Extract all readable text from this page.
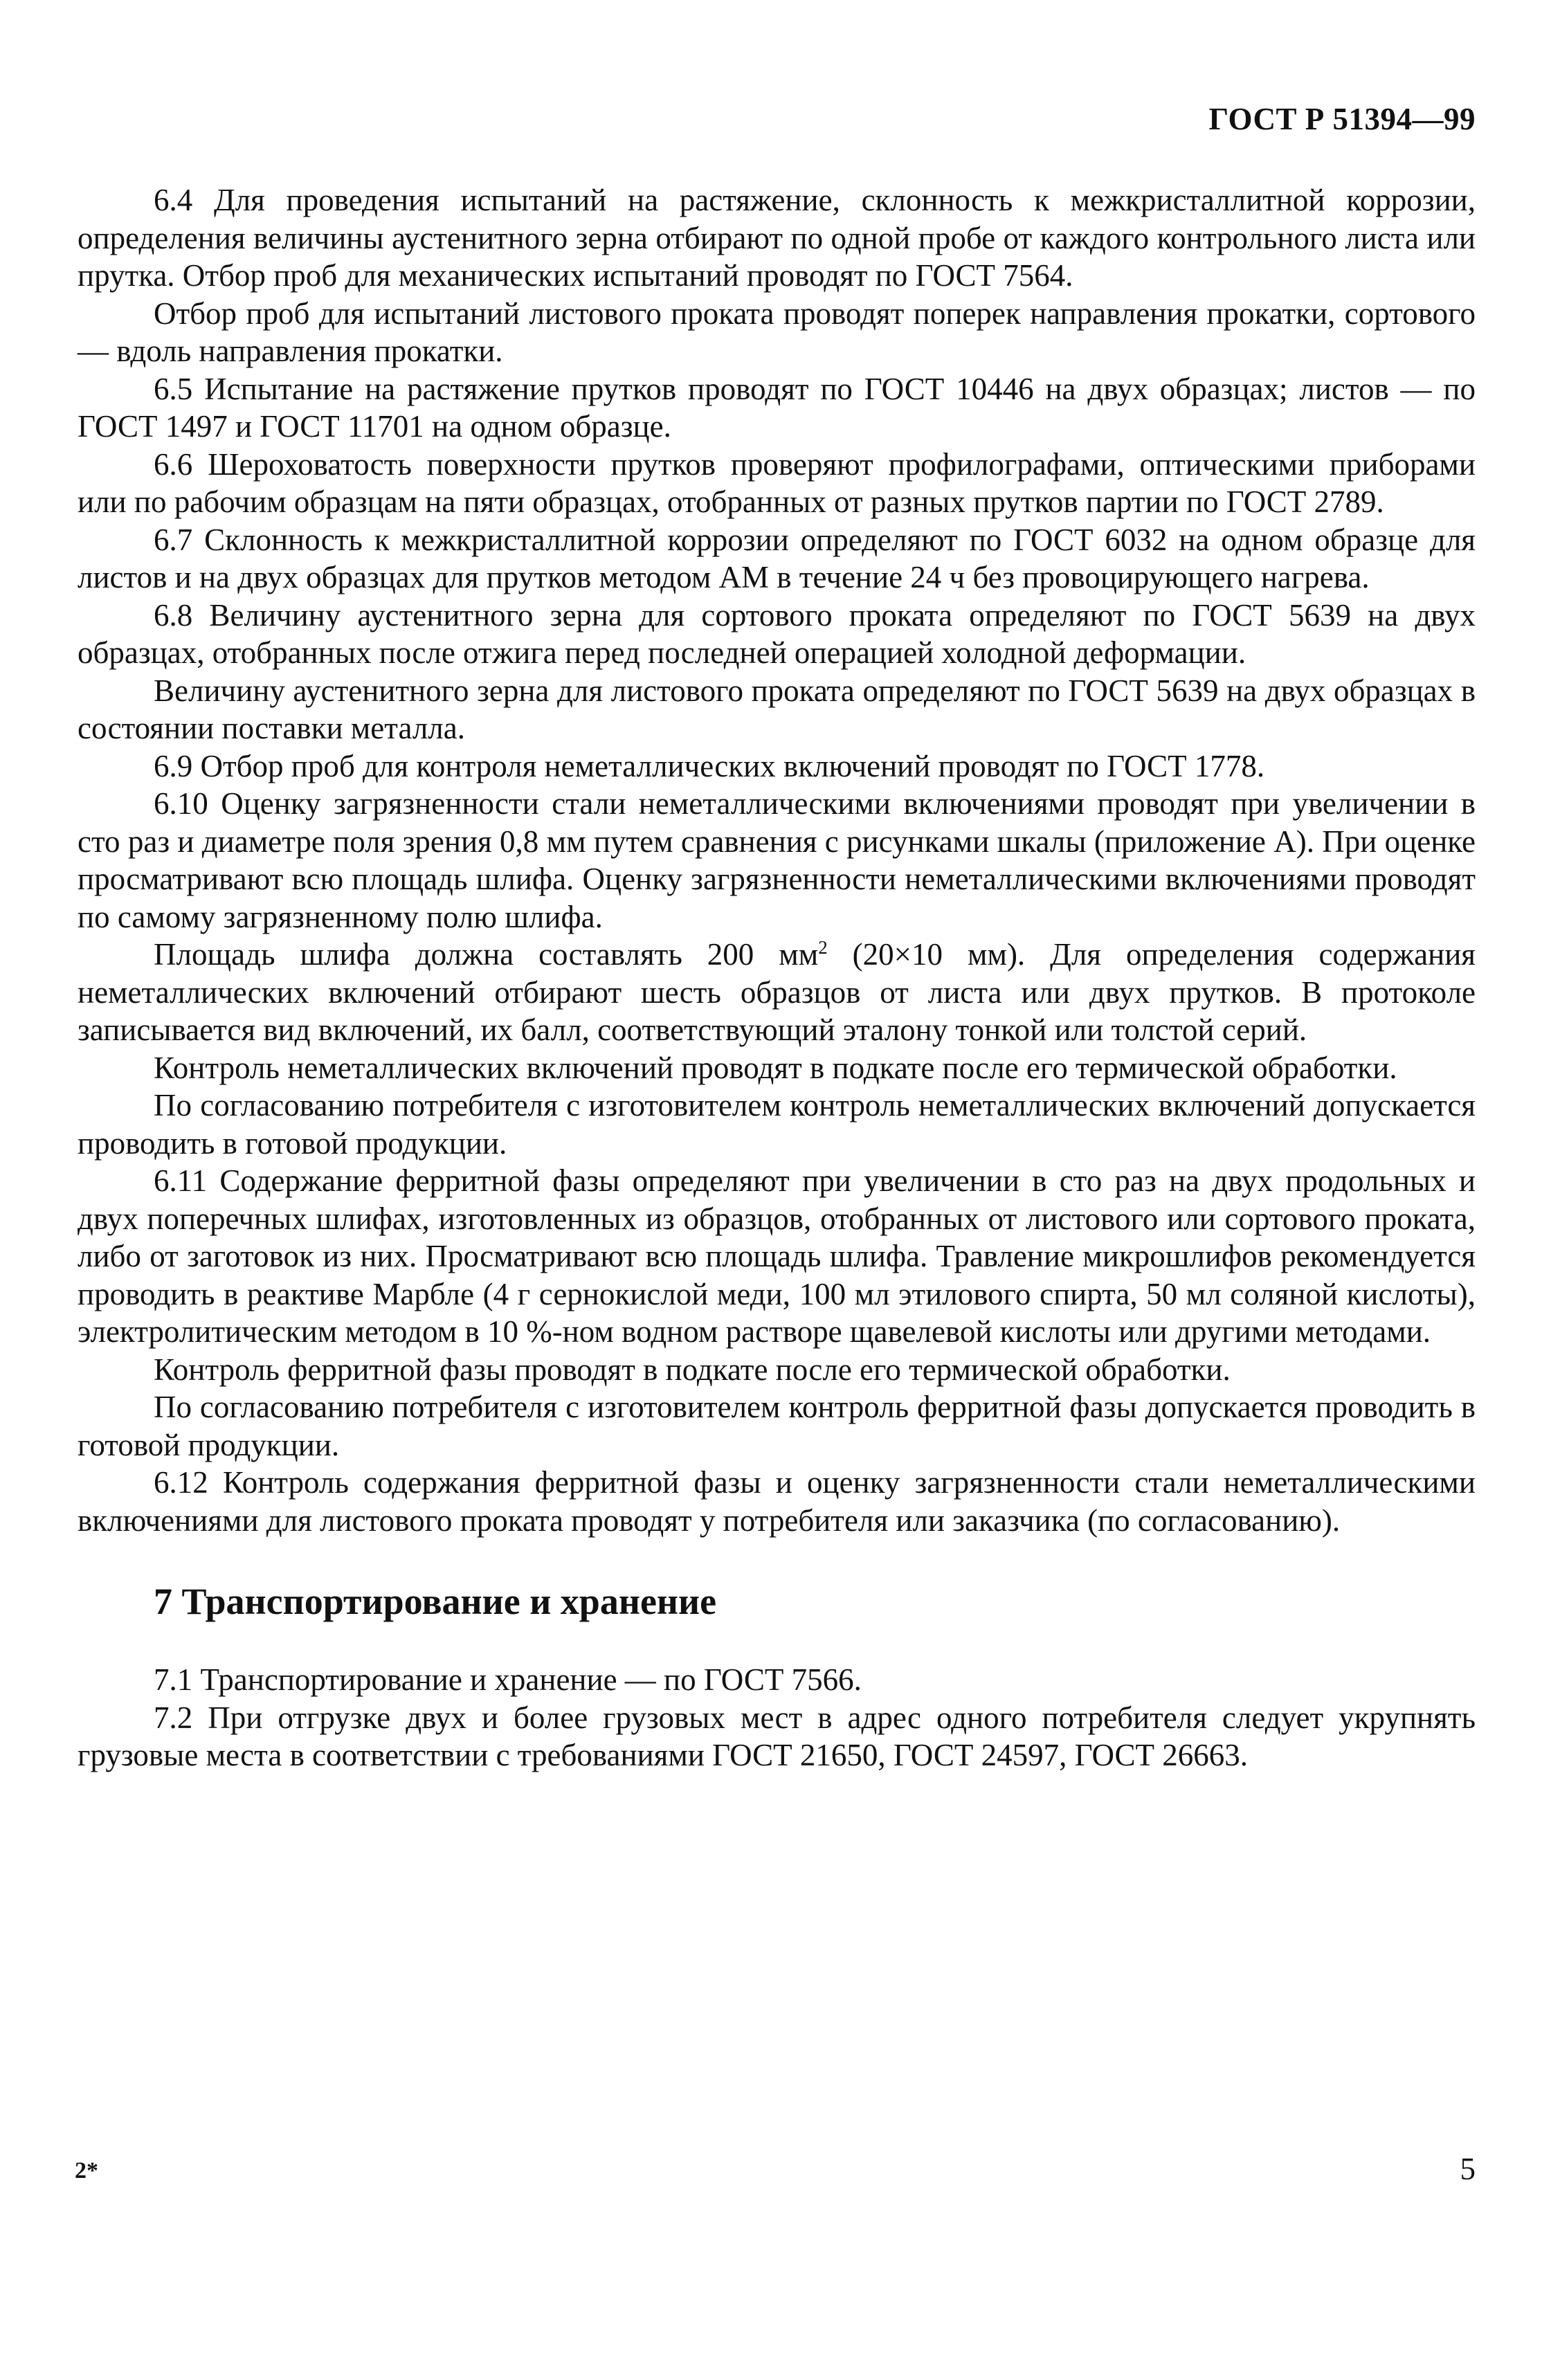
ГОСТ Р 51394—99

6.4 Для проведения испытаний на растяжение, склонность к межкристаллитной коррозии, определения величины аустенитного зерна отбирают по одной пробе от каждого контрольного листа или прутка. Отбор проб для механических испытаний проводят по ГОСТ 7564.

Отбор проб для испытаний листового проката проводят поперек направления прокатки, сортового — вдоль направления прокатки.

6.5 Испытание на растяжение прутков проводят по ГОСТ 10446 на двух образцах; листов — по ГОСТ 1497 и ГОСТ 11701 на одном образце.

6.6 Шероховатость поверхности прутков проверяют профилографами, оптическими приборами или по рабочим образцам на пяти образцах, отобранных от разных прутков партии по ГОСТ 2789.

6.7 Склонность к межкристаллитной коррозии определяют по ГОСТ 6032 на одном образце для листов и на двух образцах для прутков методом АМ в течение 24 ч без провоцирующего нагрева.

6.8 Величину аустенитного зерна для сортового проката определяют по ГОСТ 5639 на двух образцах, отобранных после отжига перед последней операцией холодной деформации.

Величину аустенитного зерна для листового проката определяют по ГОСТ 5639 на двух образцах в состоянии поставки металла.

6.9 Отбор проб для контроля неметаллических включений проводят по ГОСТ 1778.

6.10 Оценку загрязненности стали неметаллическими включениями проводят при увеличении в сто раз и диаметре поля зрения 0,8 мм путем сравнения с рисунками шкалы (приложение А). При оценке просматривают всю площадь шлифа. Оценку загрязненности неметаллическими включениями проводят по самому загрязненному полю шлифа.

Площадь шлифа должна составлять 200 $мм^2$ (20×10 мм). Для определения содержания неметаллических включений отбирают шесть образцов от листа или двух прутков. В протоколе записывается вид включений, их балл, соответствующий эталону тонкой или толстой серий.

Контроль неметаллических включений проводят в подкате после его термической обработки.

По согласованию потребителя с изготовителем контроль неметаллических включений допускается проводить в готовой продукции.

6.11 Содержание ферритной фазы определяют при увеличении в сто раз на двух продольных и двух поперечных шлифах, изготовленных из образцов, отобранных от листового или сортового проката, либо от заготовок из них. Просматривают всю площадь шлифа. Травление микрошлифов рекомендуется проводить в реактиве Марбле (4 г сернокислой меди, 100 мл этилового спирта, 50 мл соляной кислоты), электролитическим методом в 10 %-ном водном растворе щавелевой кислоты или другими методами.

Контроль ферритной фазы проводят в подкате после его термической обработки.

По согласованию потребителя с изготовителем контроль ферритной фазы допускается проводить в готовой продукции.

6.12 Контроль содержания ферритной фазы и оценку загрязненности стали неметаллическими включениями для листового проката проводят у потребителя или заказчика (по согласованию).

7 Транспортирование и хранение

7.1 Транспортирование и хранение — по ГОСТ 7566.

7.2 При отгрузке двух и более грузовых мест в адрес одного потребителя следует укрупнять грузовые места в соответствии с требованиями ГОСТ 21650, ГОСТ 24597, ГОСТ 26663.

2*	5
